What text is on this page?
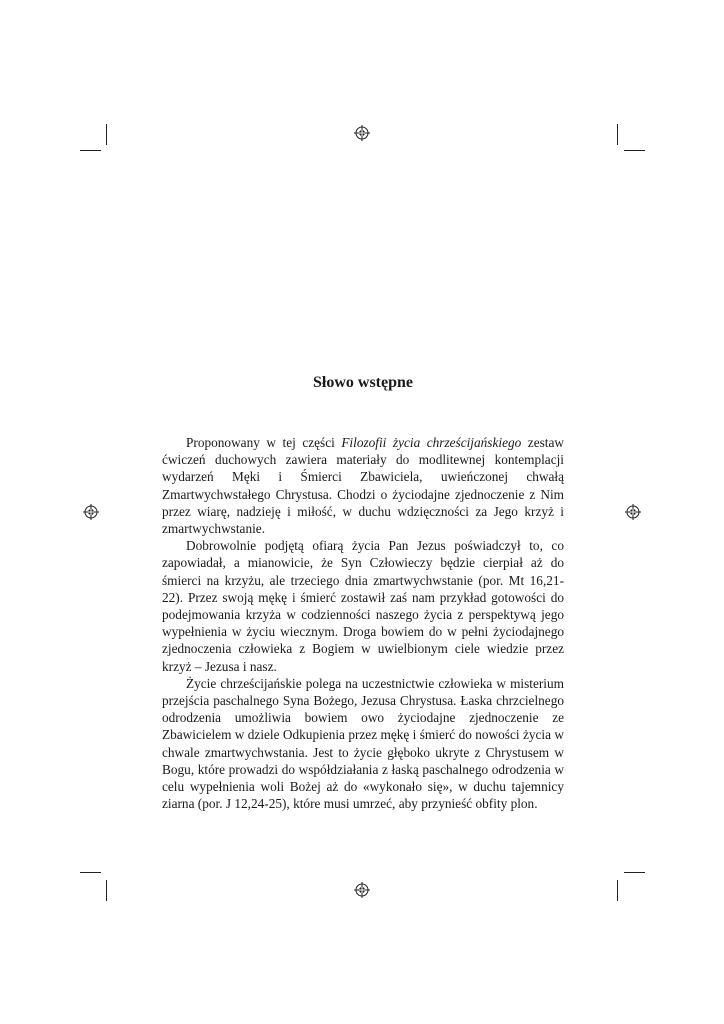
Słowo wstępne

Proponowany w tej części Filozofii życia chrześcijańskiego zestaw ćwiczeń duchowych zawiera materiały do modlitewnej kontemplacji wydarzeń Męki i Śmierci Zbawiciela, uwieńczonej chwałą Zmartwychwstałego Chrystusa. Chodzi o życiodajne zjednoczenie z Nim przez wiarę, nadzieję i miłość, w duchu wdzięczności za Jego krzyż i zmartwychwstanie.

Dobrowolnie podjętą ofiarą życia Pan Jezus poświadczył to, co zapowiadał, a mianowicie, że Syn Człowieczy będzie cierpiał aż do śmierci na krzyżu, ale trzeciego dnia zmartwychwstanie (por. Mt 16,21-22). Przez swoją mękę i śmierć zostawił zaś nam przykład gotowości do podejmowania krzyża w codzienności naszego życia z perspektywą jego wypełnienia w życiu wiecznym. Droga bowiem do w pełni życiodajnego zjednoczenia człowieka z Bogiem w uwielbionym ciele wiedzie przez krzyż – Jezusa i nasz.

Życie chrześcijańskie polega na uczestnictwie człowieka w misterium przejścia paschalnego Syna Bożego, Jezusa Chrystusa. Łaska chrzcielnego odrodzenia umożliwia bowiem owo życiodajne zjednoczenie ze Zbawicielem w dziele Odkupienia przez mękę i śmierć do nowości życia w chwale zmartwychwstania. Jest to życie głęboko ukryte z Chrystusem w Bogu, które prowadzi do współdziałania z łaską paschalnego odrodzenia w celu wypełnienia woli Bożej aż do «wykonało się», w duchu tajemnicy ziarna (por. J 12,24-25), które musi umrzeć, aby przynieść obfity plon.
